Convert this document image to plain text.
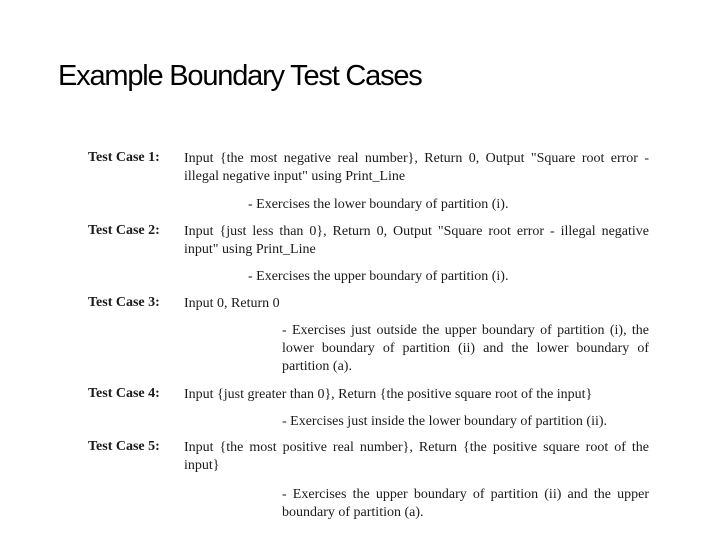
Example Boundary Test Cases
Test Case 1: Input {the most negative real number}, Return 0, Output "Square root error - illegal negative input" using Print_Line
- Exercises the lower boundary of partition (i).
Test Case 2: Input {just less than 0}, Return 0, Output "Square root error - illegal negative input" using Print_Line
- Exercises the upper boundary of partition (i).
Test Case 3: Input 0, Return 0
- Exercises just outside the upper boundary of partition (i), the lower boundary of partition (ii) and the lower boundary of partition (a).
Test Case 4: Input {just greater than 0}, Return {the positive square root of the input}
- Exercises just inside the lower boundary of partition (ii).
Test Case 5: Input {the most positive real number}, Return {the positive square root of the input}
- Exercises the upper boundary of partition (ii) and the upper boundary of partition (a).
